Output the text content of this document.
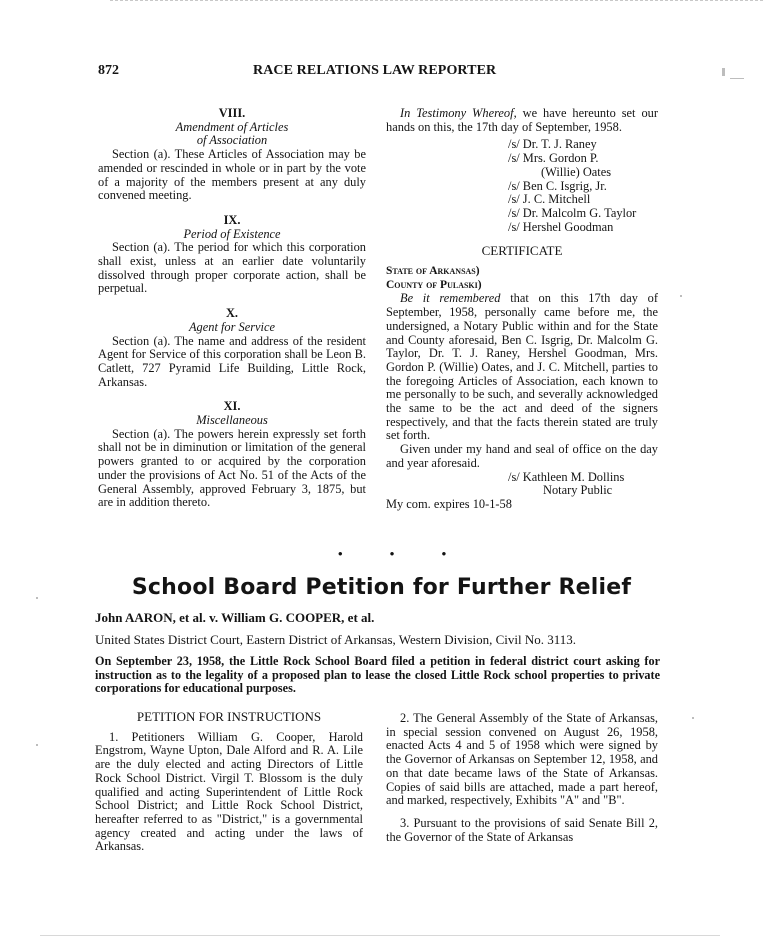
872	RACE RELATIONS LAW REPORTER

VIII.

Amendment of Articles

of Association

Section (a). These Articles of Association may be amended or rescinded in whole or in part by the vote of a majority of the members present at any duly convened meeting.

IX.

Period of Existence

Section (a). The period for which this corporation shall exist, unless at an earlier date voluntarily dissolved through proper corporate action, shall be perpetual.

X.

Agent for Service

Section (a). The name and address of the resident Agent for Service of this corporation shall be Leon B. Catlett, 727 Pyramid Life Building, Little Rock, Arkansas.

XI.

Miscellaneous

Section (a). The powers herein expressly set forth shall not be in diminution or limitation of the general powers granted to or acquired by the corporation under the provisions of Act No. 51 of the Acts of the General Assembly, approved February 3, 1875, but are in addition thereto.

In Testimony Whereof, we have hereunto set our hands on this, the 17th day of September, 1958.

/s/ Dr. T. J. Raney

/s/ Mrs. Gordon P.

(Willie) Oates

/s/ Ben C. Isgrig, Jr.

/s/ J. C. Mitchell

/s/ Dr. Malcolm G. Taylor

/s/ Hershel Goodman

CERTIFICATE

State of Arkansas)

County of Pulaski)

Be it remembered that on this 17th day of September, 1958, personally came before me, the undersigned, a Notary Public within and for the State and County aforesaid, Ben C. Isgrig, Dr. Malcolm G. Taylor, Dr. T. J. Raney, Hershel Goodman, Mrs. Gordon P. (Willie) Oates, and J. C. Mitchell, parties to the foregoing Articles of Association, each known to me personally to be such, and severally acknowledged the same to be the act and deed of the signers respectively, and that the facts therein stated are truly set forth.

Given under my hand and seal of office on the day and year aforesaid.

/s/ Kathleen M. Dollins

Notary Public

My com. expires 10-1-58

• • •
School Board Petition for Further Relief
John AARON, et al. v. William G. COOPER, et al.
United States District Court, Eastern District of Arkansas, Western Division, Civil No. 3113.
On September 23, 1958, the Little Rock School Board filed a petition in federal district court asking for instruction as to the legality of a proposed plan to lease the closed Little Rock school properties to private corporations for educational purposes.

PETITION FOR INSTRUCTIONS

1. Petitioners William G. Cooper, Harold Engstrom, Wayne Upton, Dale Alford and R. A. Lile are the duly elected and acting Directors of Little Rock School District. Virgil T. Blossom is the duly qualified and acting Superintendent of Little Rock School District; and Little Rock School District, hereafter referred to as "District," is a governmental agency created and acting under the laws of Arkansas.

2. The General Assembly of the State of Arkansas, in special session convened on August 26, 1958, enacted Acts 4 and 5 of 1958 which were signed by the Governor of Arkansas on September 12, 1958, and on that date became laws of the State of Arkansas. Copies of said bills are attached, made a part hereof, and marked, respectively, Exhibits "A" and "B".

3. Pursuant to the provisions of said Senate Bill 2, the Governor of the State of Arkansas
